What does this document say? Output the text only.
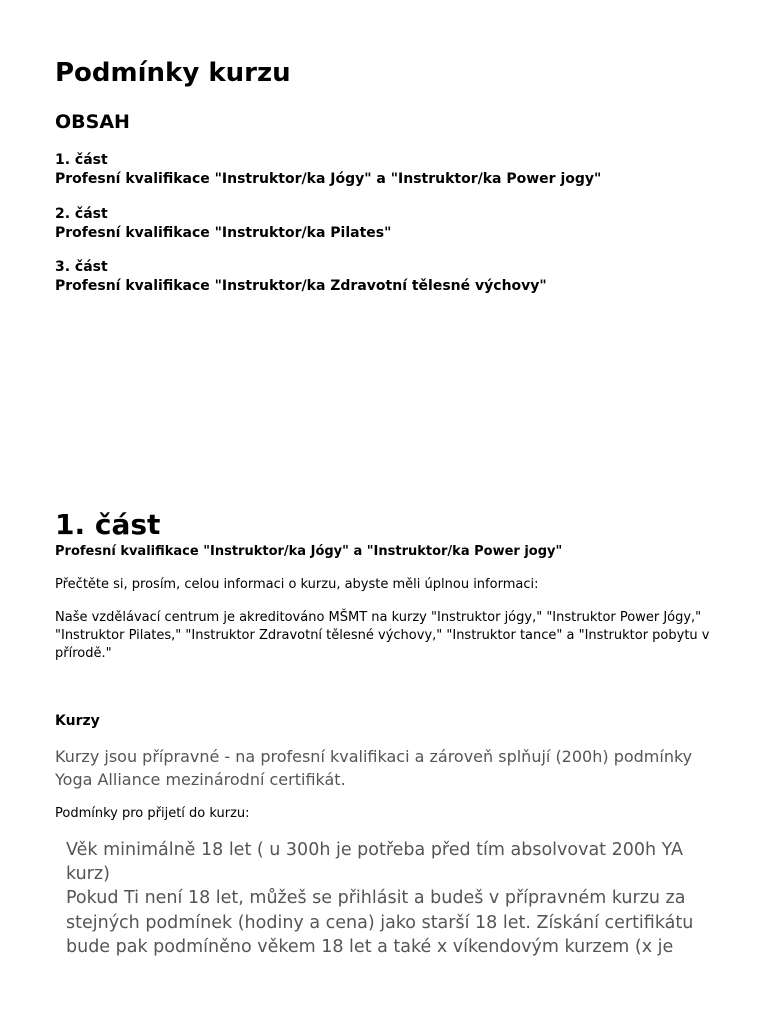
Podmínky kurzu
OBSAH
1. část
Profesní kvalifikace "Instruktor/ka Jógy" a "Instruktor/ka Power jogy"
2. část
Profesní kvalifikace "Instruktor/ka Pilates"
3. část
Profesní kvalifikace "Instruktor/ka Zdravotní tělesné výchovy"
1. část
Profesní kvalifikace "Instruktor/ka Jógy" a "Instruktor/ka Power jogy"

Přečtěte si, prosím, celou informaci o kurzu, abyste měli úplnou informaci:

Naše vzdělávací centrum je akreditováno MŠMT na kurzy "Instruktor jógy," "Instruktor Power Jógy,"
"Instruktor Pilates," "Instruktor Zdravotní tělesné výchovy," "Instruktor tance" a "Instruktor pobytu v
přírodě."
Kurzy
Kurzy jsou přípravné - na profesní kvalifikaci a zároveň splňují (200h) podmínky
Yoga Alliance mezinárodní certifikát.

Podmínky pro přijetí do kurzu:

Věk minimálně 18 let ( u 300h je potřeba před tím absolvovat 200h YA
kurz)
Pokud Ti není 18 let, můžeš se přihlásit a budeš v přípravném kurzu za
stejných podmínek (hodiny a cena) jako starší 18 let. Získání certifikátu
bude pak podmíněno věkem 18 let a také x víkendovým kurzem (x je
